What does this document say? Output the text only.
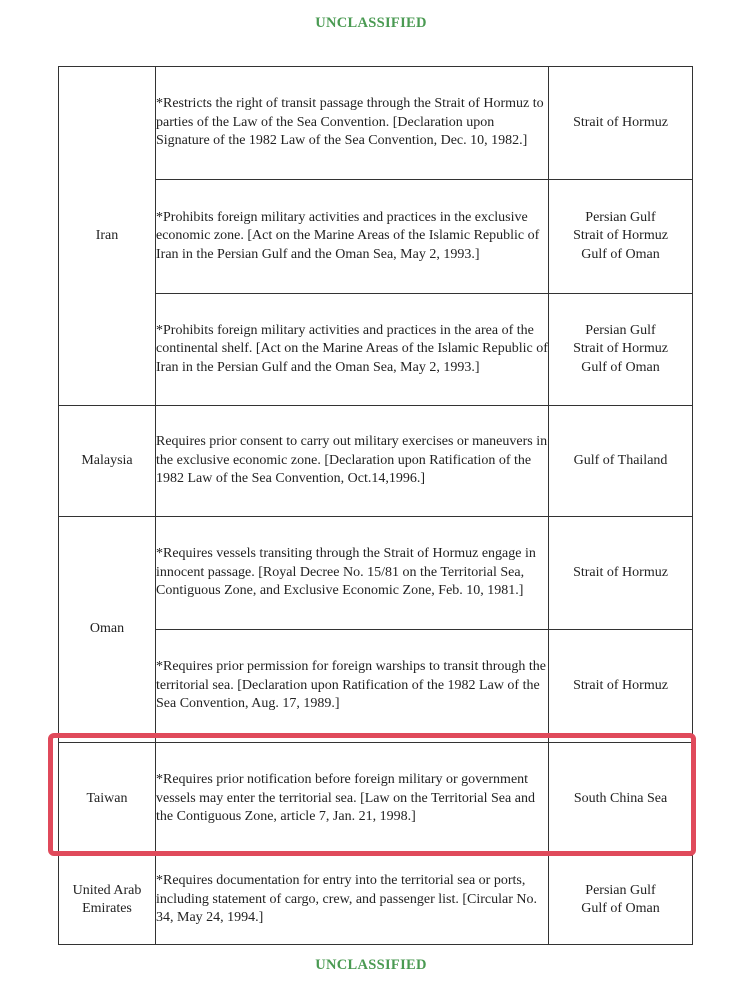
UNCLASSIFIED
Iran	*Restricts the right of transit passage through the Strait of Hormuz to parties of the Law of the Sea Convention. [Declaration upon Signature of the 1982 Law of the Sea Convention, Dec. 10, 1982.]	Strait of Hormuz

	*Prohibits foreign military activities and practices in the exclusive economic zone. [Act on the Marine Areas of the Islamic Republic of Iran in the Persian Gulf and the Oman Sea, May 2, 1993.]	Persian Gulf
Strait of Hormuz
Gulf of Oman

	*Prohibits foreign military activities and practices in the area of the continental shelf. [Act on the Marine Areas of the Islamic Republic of Iran in the Persian Gulf and the Oman Sea, May 2, 1993.]	Persian Gulf
Strait of Hormuz
Gulf of Oman

Malaysia	Requires prior consent to carry out military exercises or maneuvers in the exclusive economic zone. [Declaration upon Ratification of the 1982 Law of the Sea Convention, Oct.14,1996.]	Gulf of Thailand

Oman	*Requires vessels transiting through the Strait of Hormuz engage in innocent passage. [Royal Decree No. 15/81 on the Territorial Sea, Contiguous Zone, and Exclusive Economic Zone, Feb. 10, 1981.]	Strait of Hormuz

	*Requires prior permission for foreign warships to transit through the territorial sea. [Declaration upon Ratification of the 1982 Law of the Sea Convention, Aug. 17, 1989.]	Strait of Hormuz

Taiwan	*Requires prior notification before foreign military or government vessels may enter the territorial sea. [Law on the Territorial Sea and the Contiguous Zone, article 7, Jan. 21, 1998.]	South China Sea

United Arab Emirates	*Requires documentation for entry into the territorial sea or ports, including statement of cargo, crew, and passenger list. [Circular No. 34, May 24, 1994.]	Persian Gulf
Gulf of Oman
UNCLASSIFIED
